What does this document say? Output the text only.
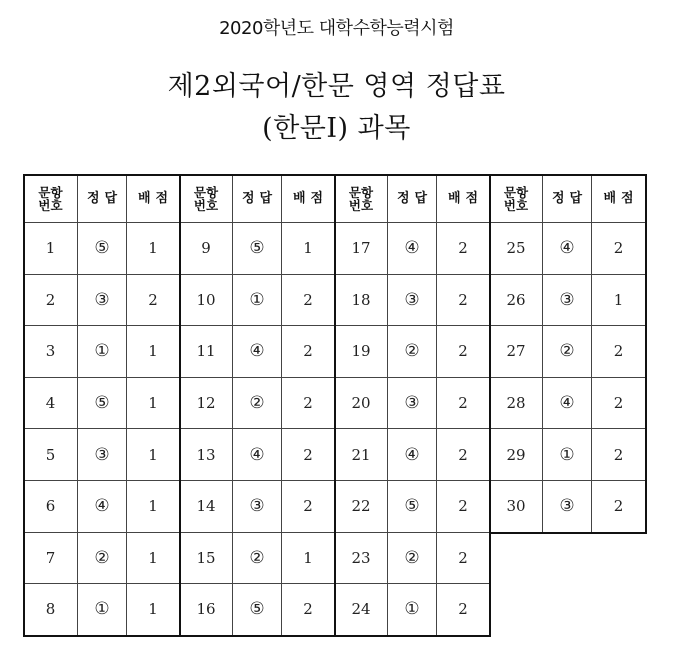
2020학년도 대학수학능력시험
제2외국어/한문 영역 정답표
(한문Ⅰ) 과목
문항
번호 정답 배점
1 ⑤	1
2 ③	2
3 ①	1
4 ⑤	1
5 ③	1
6 ④	1
7 ②	1
8 ①	1
문항
번호 정답 배점
9 ⑤	1
10 ①	2
11 ④	2
12 ②	2
13 ④	2
14 ③	2
15 ②	1
16 ⑤	2
문항
번호 정답 배점
17 ④	2
18 ③	2
19 ②	2
20 ③	2
21 ④	2
22 ⑤	2
23 ②	2
24 ①	2
문항
번호 정답 배점
25 ④	2
26 ③	1
27 ②	2
28 ④	2
29 ①	2
30 ③	2
